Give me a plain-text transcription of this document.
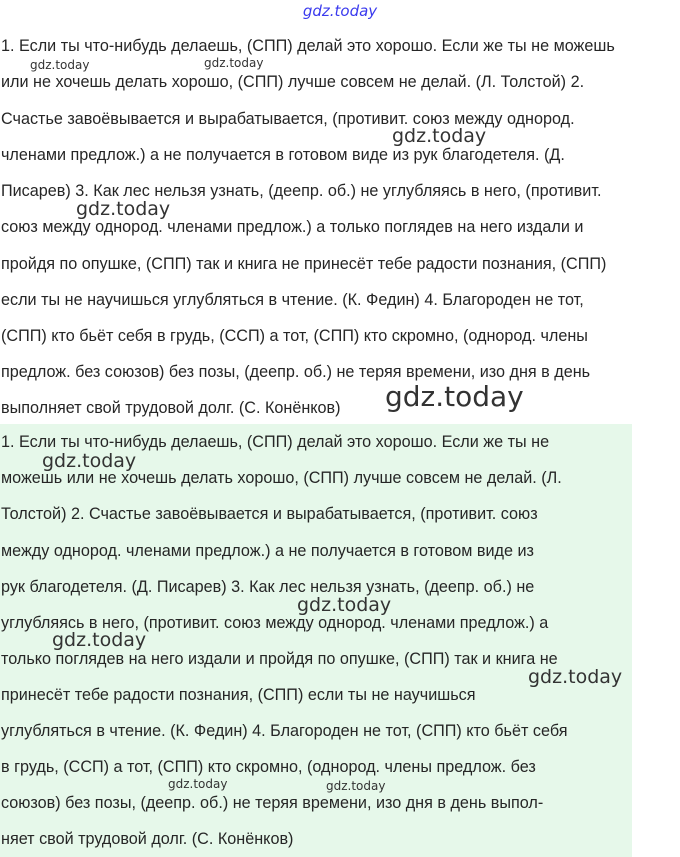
gdz.today
1. Если ты что-нибудь делаешь, (СПП) делай это хорошо. Если же ты не можешь
или не хочешь делать хорошо, (СПП) лучше совсем не делай. (Л. Толстой) 2.
Счастье завоёвывается и вырабатывается, (противит. союз между однород.
членами предлож.) а не получается в готовом виде из рук благодетеля. (Д.
Писарев) 3. Как лес нельзя узнать, (деепр. об.) не углубляясь в него, (противит.
союз между однород. членами предлож.) а только поглядев на него издали и
пройдя по опушке, (СПП) так и книга не принесёт тебе радости познания, (СПП)
если ты не научишься углубляться в чтение. (К. Федин) 4. Благороден не тот,
(СПП) кто бьёт себя в грудь, (ССП) а тот, (СПП) кто скромно, (однород. члены
предлож. без союзов) без позы, (деепр. об.) не теряя времени, изо дня в день
выполняет свой трудовой долг. (С. Конёнков)
gdz.today	gdz.today
gdz.today
gdz.today
gdz.today
1. Если ты что-нибудь делаешь, (СПП) делай это хорошо. Если же ты не
можешь или не хочешь делать хорошо, (СПП) лучше совсем не делай. (Л.
Толстой) 2. Счастье завоёвывается и вырабатывается, (противит. союз
между однород. членами предлож.) а не получается в готовом виде из
рук благодетеля. (Д. Писарев) 3. Как лес нельзя узнать, (деепр. об.) не
углубляясь в него, (противит. союз между однород. членами предлож.) а
только поглядев на него издали и пройдя по опушке, (СПП) так и книга не
принесёт тебе радости познания, (СПП) если ты не научишься
углубляться в чтение. (К. Федин) 4. Благороден не тот, (СПП) кто бьёт себя
в грудь, (ССП) а тот, (СПП) кто скромно, (однород. члены предлож. без
союзов) без позы, (деепр. об.) не теряя времени, изо дня в день выпол-
няет свой трудовой долг. (С. Конёнков)
gdz.today
gdz.today
gdz.today
gdz.today
gdz.today	gdz.today
